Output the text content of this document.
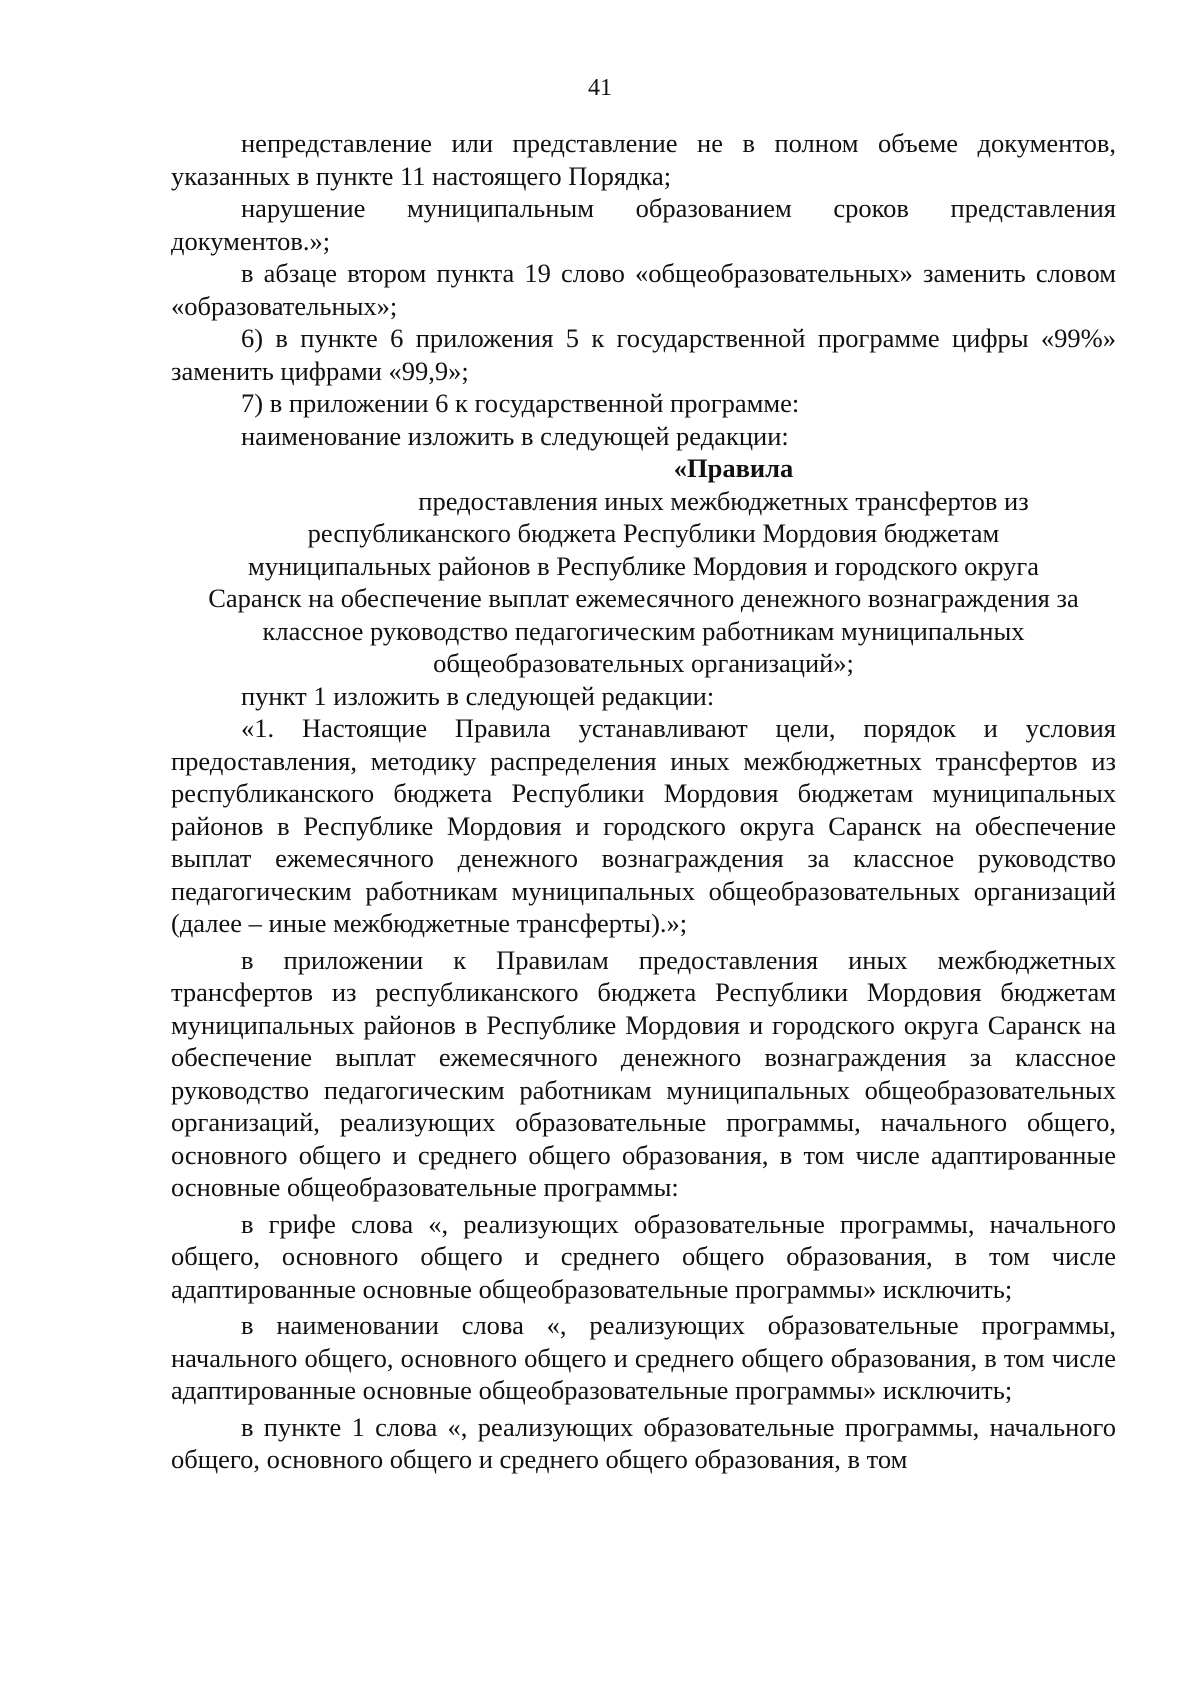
41

непредставление или представление не в полном объеме документов, указанных в пункте 11 настоящего Порядка;

нарушение муниципальным образованием сроков представления документов.»;

в абзаце втором пункта 19 слово «общеобразовательных» заменить словом «образовательных»;

6) в пункте 6 приложения 5 к государственной программе цифры «99%» заменить цифрами «99,9»;

7) в приложении 6 к государственной программе:

наименование изложить в следующей редакции:

«Правила

предоставления иных межбюджетных трансфертов из
республиканского бюджета Республики Мордовия бюджетам
муниципальных районов в Республике Мордовия и городского округа
Саранск на обеспечение выплат ежемесячного денежного вознаграждения за
классное руководство педагогическим работникам муниципальных
общеобразовательных организаций»;

пункт 1 изложить в следующей редакции:

«1. Настоящие Правила устанавливают цели, порядок и условия предоставления, методику распределения иных межбюджетных трансфертов из республиканского бюджета Республики Мордовия бюджетам муниципальных районов в Республике Мордовия и городского округа Саранск на обеспечение выплат ежемесячного денежного вознаграждения за классное руководство педагогическим работникам муниципальных общеобразовательных организаций (далее – иные межбюджетные трансферты).»;

в приложении к Правилам предоставления иных межбюджетных трансфертов из республиканского бюджета Республики Мордовия бюджетам муниципальных районов в Республике Мордовия и городского округа Саранск на обеспечение выплат ежемесячного денежного вознаграждения за классное руководство педагогическим работникам муниципальных общеобразовательных организаций, реализующих образовательные программы, начального общего, основного общего и среднего общего образования, в том числе адаптированные основные общеобразовательные программы:

в грифе слова «, реализующих образовательные программы, начального общего, основного общего и среднего общего образования, в том числе адаптированные основные общеобразовательные программы» исключить;

в наименовании слова «, реализующих образовательные программы, начального общего, основного общего и среднего общего образования, в том числе адаптированные основные общеобразовательные программы» исключить;

в пункте 1 слова «, реализующих образовательные программы, начального общего, основного общего и среднего общего образования, в том
